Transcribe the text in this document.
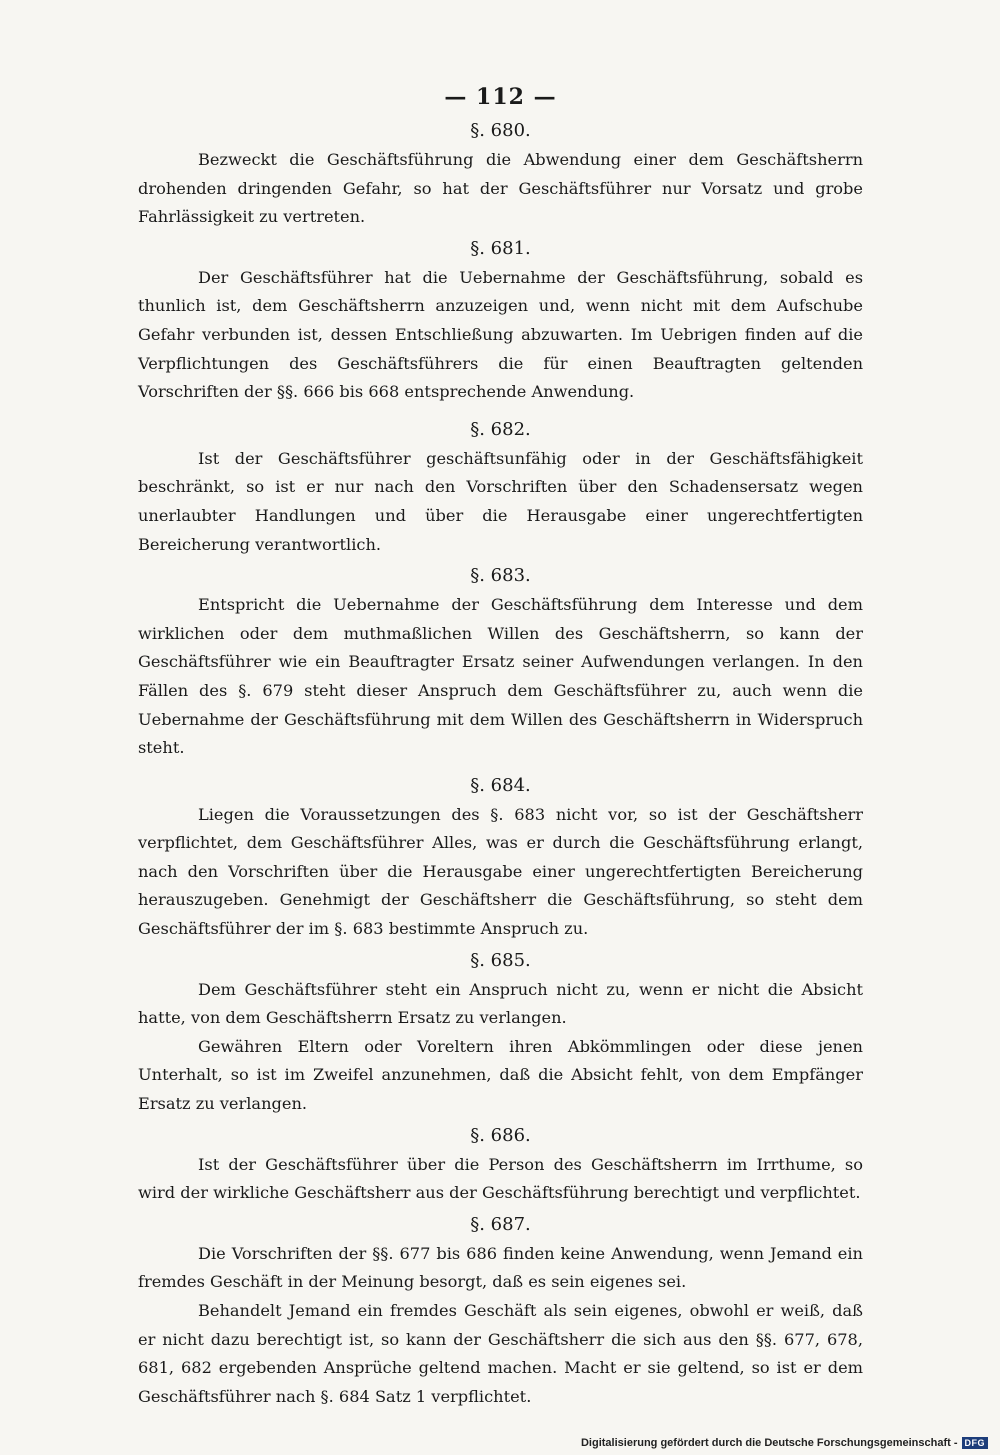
— 112 —
§. 680.

Bezweckt die Geschäftsführung die Abwendung einer dem Geschäftsherrn drohenden dringenden Gefahr, so hat der Geschäftsführer nur Vorsatz und grobe Fahrlässigkeit zu vertreten.

§. 681.

Der Geschäftsführer hat die Uebernahme der Geschäftsführung, sobald es thunlich ist, dem Geschäftsherrn anzuzeigen und, wenn nicht mit dem Aufschube Gefahr verbunden ist, dessen Entschließung abzuwarten. Im Uebrigen finden auf die Verpflichtungen des Geschäftsführers die für einen Beauftragten geltenden Vorschriften der §§. 666 bis 668 entsprechende Anwendung.

§. 682.

Ist der Geschäftsführer geschäftsunfähig oder in der Geschäftsfähigkeit beschränkt, so ist er nur nach den Vorschriften über den Schadensersatz wegen unerlaubter Handlungen und über die Herausgabe einer ungerechtfertigten Bereicherung verantwortlich.

§. 683.

Entspricht die Uebernahme der Geschäftsführung dem Interesse und dem wirklichen oder dem muthmaßlichen Willen des Geschäftsherrn, so kann der Geschäftsführer wie ein Beauftragter Ersatz seiner Aufwendungen verlangen. In den Fällen des §. 679 steht dieser Anspruch dem Geschäftsführer zu, auch wenn die Uebernahme der Geschäftsführung mit dem Willen des Geschäftsherrn in Widerspruch steht.

§. 684.

Liegen die Voraussetzungen des §. 683 nicht vor, so ist der Geschäftsherr verpflichtet, dem Geschäftsführer Alles, was er durch die Geschäftsführung erlangt, nach den Vorschriften über die Herausgabe einer ungerechtfertigten Bereicherung herauszugeben. Genehmigt der Geschäftsherr die Geschäftsführung, so steht dem Geschäftsführer der im §. 683 bestimmte Anspruch zu.

§. 685.

Dem Geschäftsführer steht ein Anspruch nicht zu, wenn er nicht die Absicht hatte, von dem Geschäftsherrn Ersatz zu verlangen.

Gewähren Eltern oder Voreltern ihren Abkömmlingen oder diese jenen Unterhalt, so ist im Zweifel anzunehmen, daß die Absicht fehlt, von dem Empfänger Ersatz zu verlangen.

§. 686.

Ist der Geschäftsführer über die Person des Geschäftsherrn im Irrthume, so wird der wirkliche Geschäftsherr aus der Geschäftsführung berechtigt und verpflichtet.

§. 687.

Die Vorschriften der §§. 677 bis 686 finden keine Anwendung, wenn Jemand ein fremdes Geschäft in der Meinung besorgt, daß es sein eigenes sei.

Behandelt Jemand ein fremdes Geschäft als sein eigenes, obwohl er weiß, daß er nicht dazu berechtigt ist, so kann der Geschäftsherr die sich aus den §§. 677, 678, 681, 682 ergebenden Ansprüche geltend machen. Macht er sie geltend, so ist er dem Geschäftsführer nach §. 684 Satz 1 verpflichtet.

Digitalisierung gefördert durch die Deutsche Forschungsgemeinschaft - DFG
